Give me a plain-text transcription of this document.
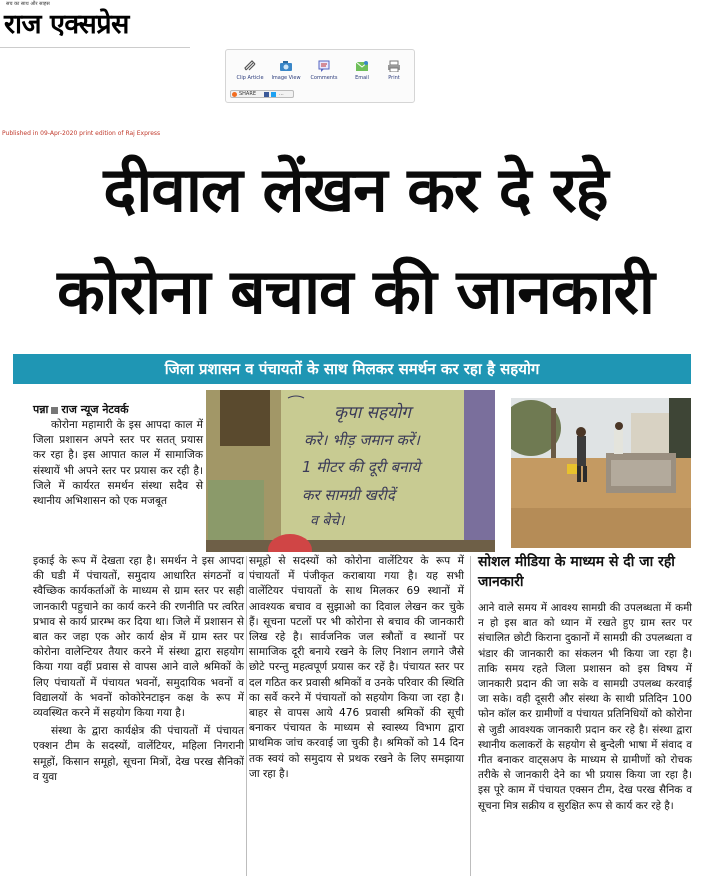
सच का साथ और साहस
राज एक्सप्रेस
Clip Article	Image View	Comments	Email	Print
SHARE	...
Published in 09-Apr-2020 print edition of Raj Express
दीवाल लेंखन कर दे रहे
कोरोना बचाव की जानकारी
जिला प्रशासन व पंचायतों के साथ मिलकर समर्थन कर रहा है सहयोग
कृपा सहयोग
करे। भीड़ जमान करें।
1 मीटर की दूरी बनाये
कर सामग्री खरीदें
व बेचे।
पन्ना राज न्यूज नेटवर्क
कोरोना महामारी के इस आपदा काल में जिला प्रशासन अपने स्तर पर सतत् प्रयास कर रहा है। इस आपात काल में सामाजिक संस्थायें भी अपने स्तर पर प्रयास कर रही है। जिले में कार्यरत समर्थन संस्था सदैव से स्थानीय अभिशासन को एक मजबूत

इकाई के रूप में देखता रहा है। समर्थन ने इस आपदा की घडी में पंचायतों, समुदाय आधारित संगठनों व स्वैच्छिक कार्यकर्ताओं के माध्यम से ग्राम स्तर पर सही जानकारी पहुचाने का कार्य करने की रणनीति पर त्वरित प्रभाव से कार्य प्रारम्भ कर दिया था। जिले में प्रशासन से बात कर जहा एक ओर कार्य क्षेत्र में ग्राम स्तर पर कोरोना वालेन्टियर तैयार करने में संस्था द्वारा सहयोग किया गया वहीं प्रवास से वापस आने वाले श्रमिकों के लिए पंचायतों में पंचायत भवनों, समुदायिक भवनों व विद्यालयों के भवनों कोकोरेनटाइन कक्ष के रूप में व्यवस्थित करने में सहयोग किया गया है।

संस्था के द्वारा कार्यक्षेत्र की पंचायतों में पंचायत एक्शन टीम के सदस्यों, वालेंटियर, महिला निगरानी समूहों, किसान समूहो, सूचना मित्रों, देख परख सैनिकों व युवा

समूहो से सदस्यों को कोरोना वालेंटियर के रूप में पंचायतों में पंजीकृत कराबाया गया है। यह सभी वालेंटियर पंचायतों के साथ मिलकर 69 स्थानों में आवश्यक बचाव व सुझाओ का दिवाल लेखन कर चुके हैं। सूचना पटलों पर भी कोरोना से बचाव की जानकारी लिख रहे है। सार्वजनिक जल स्त्रौतों व स्थानों पर सामाजिक दूरी बनाये रखने के लिए निशान लगाने जैसे छोटे परन्तु महत्वपूर्ण प्रयास कर रहें है। पंचायत स्तर पर दल गठित कर प्रवासी श्रमिकों व उनके परिवार की स्थिति का सर्वे करने में पंचायतों को सहयोग किया जा रहा है। बाहर से वापस आये 476 प्रवासी श्रमिकों की सूची बनाकर पंचायत के माध्यम से स्वास्थ्य विभाग द्वारा प्राथमिक जांच करवाई जा चुकी है। श्रमिकों को 14 दिन तक स्वयं को समुदाय से प्रथक रखने के लिए समझाया जा रहा है।

सोशल मीडिया के माध्यम से दी जा रही जानकारी

आने वाले समय में आवश्य सामग्री की उपलब्धता में कमी न हो इस बात को ध्यान में रखते हुए ग्राम स्तर पर संचालित छोटी किराना दुकानों में सामग्री की उपलब्धता व भंडार की जानकारी का संकलन भी किया जा रहा है। ताकि समय रहते जिला प्रशासन को इस विषय में जानकारी प्रदान की जा सके व सामग्री उपलब्ध करवाई जा सके। वही दूसरी और संस्था के साथी प्रतिदिन 100 फोन कॉल कर ग्रामीणों व पंचायत प्रतिनिधियों को कोरोना से जुडी आवश्यक जानकारी प्रदान कर रहे है। संस्था द्वारा स्थानीय कलाकरों के सहयोग से बुन्देली भाषा में संवाद व गीत बनाकर वाट्सअप के माध्यम से ग्रामीणों को रोचक तरीके से जानकारी देने का भी प्रयास किया जा रहा है। इस पूरे काम में पंचायत एक्सन टीम, देख परख सैनिक व सूचना मित्र सक्रीय व सुरक्षित रूप से कार्य कर रहे है।
